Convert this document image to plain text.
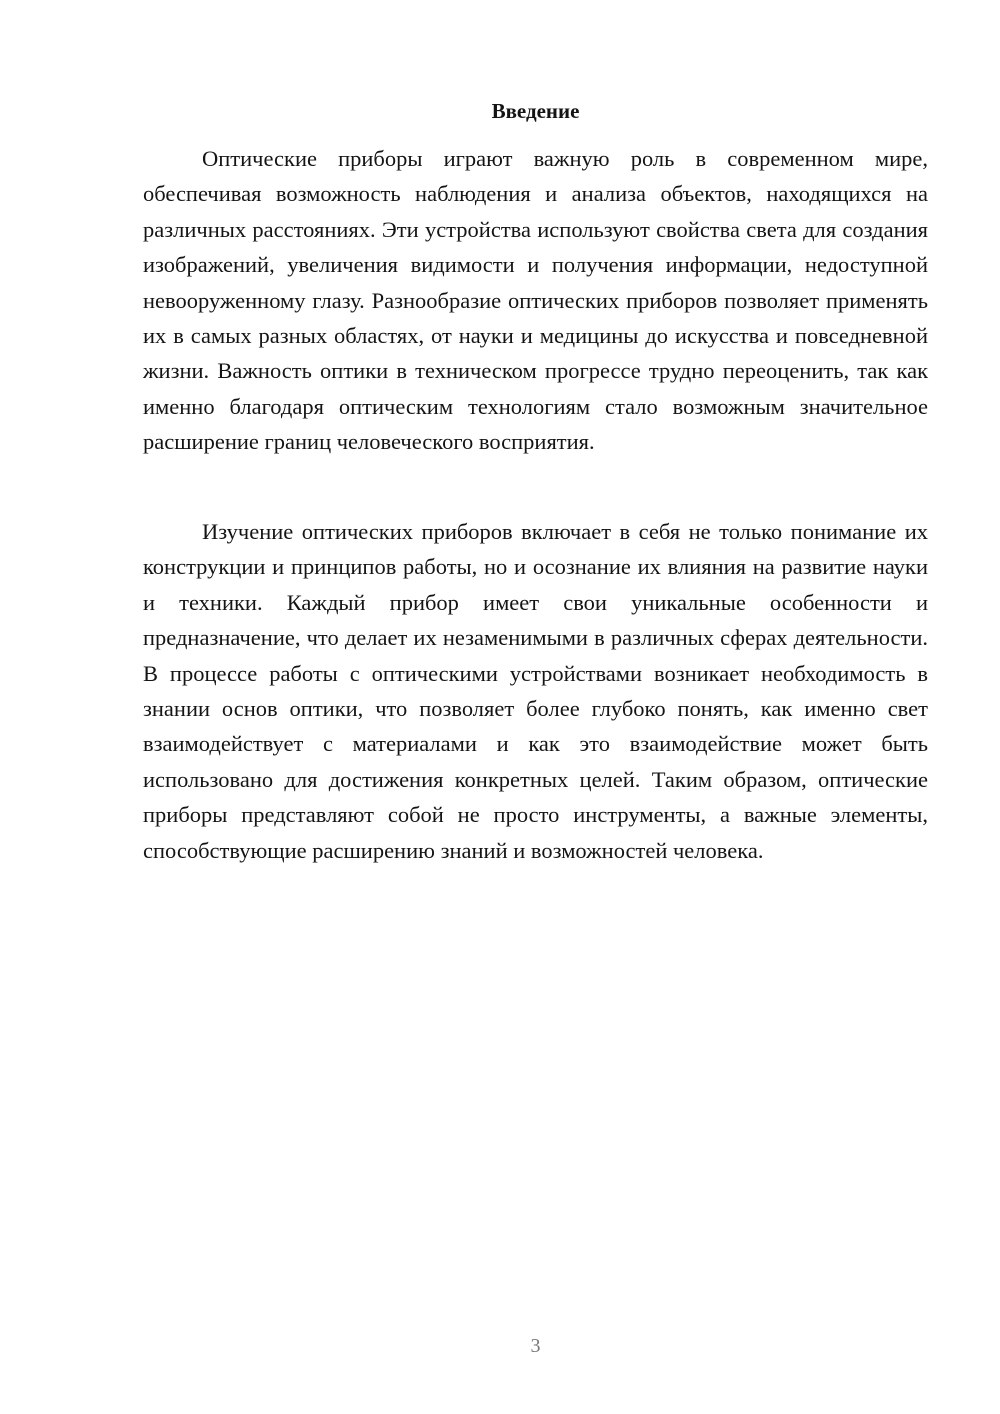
Введение

Оптические приборы играют важную роль в современном мире, обеспечивая возможность наблюдения и анализа объектов, находящихся на различных расстояниях. Эти устройства используют свойства света для создания изображений, увеличения видимости и получения информации, недоступной невооруженному глазу. Разнообразие оптических приборов позволяет применять их в самых разных областях, от науки и медицины до искусства и повседневной жизни. Важность оптики в техническом прогрессе трудно переоценить, так как именно благодаря оптическим технологиям стало возможным значительное расширение границ человеческого восприятия.

Изучение оптических приборов включает в себя не только понимание их конструкции и принципов работы, но и осознание их влияния на развитие науки и техники. Каждый прибор имеет свои уникальные особенности и предназначение, что делает их незаменимыми в различных сферах деятельности. В процессе работы с оптическими устройствами возникает необходимость в знании основ оптики, что позволяет более глубоко понять, как именно свет взаимодействует с материалами и как это взаимодействие может быть использовано для достижения конкретных целей. Таким образом, оптические приборы представляют собой не просто инструменты, а важные элементы, способствующие расширению знаний и возможностей человека.

3
